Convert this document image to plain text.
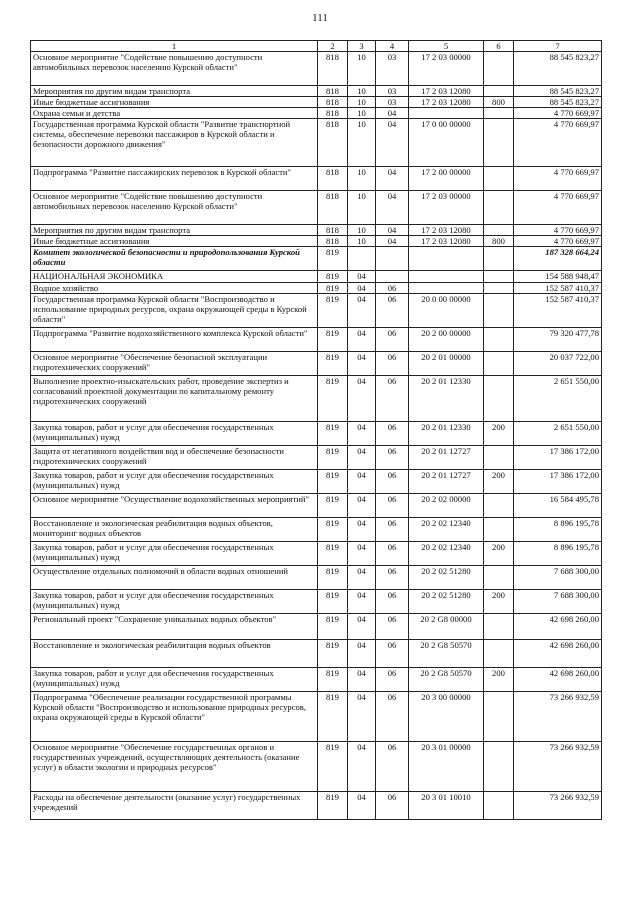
111
1	2	3	4	5	6	7
Основное мероприятие "Содействие повышению доступности автомобильных перевозок населению Курской области"	818	10	03	17 2 03 00000		88 545 823,27
Мероприятия по другим видам транспорта	818	10	03	17 2 03 12080		88 545 823,27
Иные бюджетные ассигнования	818	10	03	17 2 03 12080	800	88 545 823,27
Охрана семьи и детства	818	10	04			4 770 669,97
Государственная программа Курской области "Развитие транспортной системы, обеспечение перевозки пассажиров в Курской области и безопасности дорожного движения"	818	10	04	17 0 00 00000		4 770 669,97
Подпрограмма "Развитие пассажирских перевозок в Курской области"	818	10	04	17 2 00 00000		4 770 669,97
Основное мероприятие "Содействие повышению доступности автомобильных перевозок населению Курской области"	818	10	04	17 2 03 00000		4 770 669,97
Мероприятия по другим видам транспорта	818	10	04	17 2 03 12080		4 770 669,97
Иные бюджетные ассигнования	818	10	04	17 2 03 12080	800	4 770 669,97
Комитет экологической безопасности и природопользования Курской области	819					187 328 664,24
НАЦИОНАЛЬНАЯ ЭКОНОМИКА	819	04				154 588 948,47
Водное хозяйство	819	04	06			152 587 410,37
Государственная программа Курской области "Воспроизводство и использование природных ресурсов, охрана окружающей среды в Курской области"	819	04	06	20 0 00 00000		152 587 410,37
Подпрограмма "Развитие водохозяйственного комплекса Курской области"	819	04	06	20 2 00 00000		79 320 477,78
Основное мероприятие "Обеспечение безопасной эксплуатации гидротехнических сооружений"	819	04	06	20 2 01 00000		20 037 722,00
Выполнение проектно-изыскательских работ, проведение экспертиз и согласований проектной документации по капитальному ремонту гидротехнических сооружений	819	04	06	20 2 01 12330		2 651 550,00
Закупка товаров, работ и услуг для обеспечения государственных (муниципальных) нужд	819	04	06	20 2 01 12330	200	2 651 550,00
Защита от негативного воздействия вод и обеспечение безопасности гидротехнических сооружений	819	04	06	20 2 01 12727		17 386 172,00
Закупка товаров, работ и услуг для обеспечения государственных (муниципальных) нужд	819	04	06	20 2 01 12727	200	17 386 172,00
Основное мероприятие "Осуществление водохозяйственных мероприятий"	819	04	06	20 2 02 00000		16 584 495,78
Восстановление и экологическая реабилитация водных объектов, мониторинг водных объектов	819	04	06	20 2 02 12340		8 896 195,78
Закупка товаров, работ и услуг для обеспечения государственных (муниципальных) нужд	819	04	06	20 2 02 12340	200	8 896 195,78
Осуществление отдельных полномочий в области водных отношений	819	04	06	20 2 02 51280		7 688 300,00
Закупка товаров, работ и услуг для обеспечения государственных (муниципальных) нужд	819	04	06	20 2 02 51280	200	7 688 300,00
Региональный проект "Сохранение уникальных водных объектов"	819	04	06	20 2 G8 00000		42 698 260,00
Восстановление и экологическая реабилитация водных объектов	819	04	06	20 2 G8 50570		42 698 260,00
Закупка товаров, работ и услуг для обеспечения государственных (муниципальных) нужд	819	04	06	20 2 G8 50570	200	42 698 260,00
Подпрограмма "Обеспечение реализации государственной программы Курской области "Воспроизводство и использование природных ресурсов, охрана окружающей среды в Курской области"	819	04	06	20 3 00 00000		73 266 932,59
Основное мероприятие "Обеспечение государственных органов и государственных учреждений, осуществляющих деятельность (оказание услуг) в области экологии и природных ресурсов"	819	04	06	20 3 01 00000		73 266 932,59
Расходы на обеспечение деятельности (оказание услуг) государственных учреждений	819	04	06	20 3 01 10010		73 266 932,59
